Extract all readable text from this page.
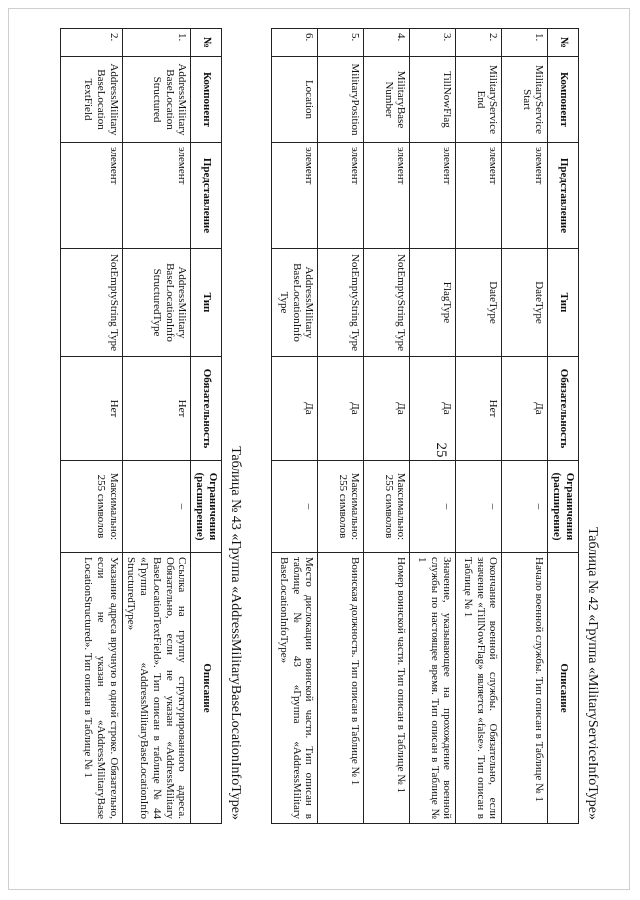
25
Таблица № 42 «Группа «MilitaryServiceInfoType»
№	Компонент	Представление	Тип	Обязательность	Ограничения (расширение)	Описание
1.	MilitaryService Start	элемент	DateType	Да	–	Начало военной службы. Тип описан в Таблице № 1
2.	MilitaryService End	элемент	DateType	Нет	–	Окончание военной службы. Обязательно, если значение «TillNowFlag» является «false». Тип описан в Таблице № 1
3.	TillNowFlag	элемент	FlagType	Да	–	Значение, указывающее на прохождение военной службы по настоящее время. Тип описан в Таблице № 1
4.	MilitaryBase Number	элемент	NotEmptyString Type	Да	Максимально: 255 символов	Номер воинской части. Тип описан в Таблице № 1
5.	MilitaryPosition	элемент	NotEmptyString Type	Да	Максимально: 255 символов	Воинская должность. Тип описан в Таблице № 1
6.	Location	элемент	AddressMilitary BaseLocationInfo Type	Да	–	Место дислокации воинской части. Тип описан в таблице № 43 «Группа «AddressMilitary BaseLocationInfoType»
Таблица № 43 «Группа «AddressMilitaryBaseLocationInfoType»
№	Компонент	Представление	Тип	Обязательность	Ограничения (расширение)	Описание
1.	AddressMilitary BaseLocation Structured	элемент	AddressMilitary BaseLocationInfo StructuredType	Нет	–	Ссылка на группу структурированного адреса. Обязательно, если не указан «AddressMilitary BaseLocationTextField». Тип описан в таблице № 44 «Группа «AddressMilitaryBaseLocationInfo StructuredType»
2.	AddressMilitary BaseLocation TextField	элемент	NotEmptyString Type	Нет	Максимально: 255 символов	Указание адреса вручную в одной строке. Обязательно, если не указан «AddressMilitaryBase LocationStructured». Тип описан в Таблице № 1
